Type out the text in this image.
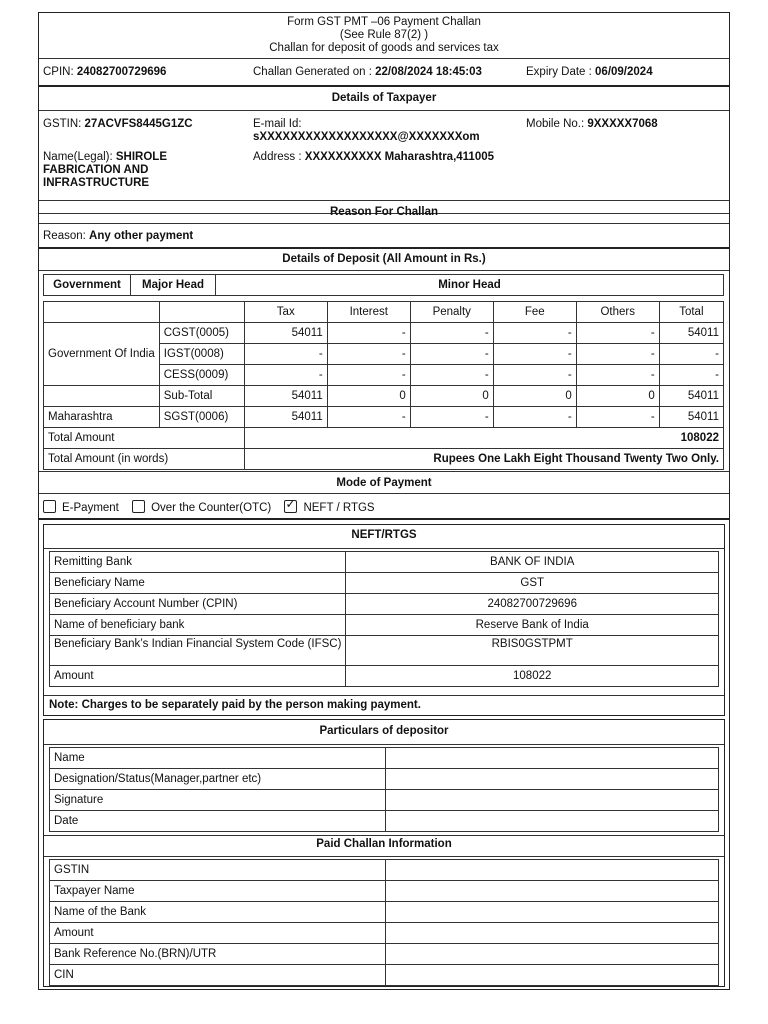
Form GST PMT –06 Payment Challan
(See Rule 87(2) )
Challan for deposit of goods and services tax
CPIN: 24082700729696	Challan Generated on : 22/08/2024 18:45:03	Expiry Date : 06/09/2024
Details of Taxpayer
GSTIN: 27ACVFS8445G1ZC	E-mail Id:
sXXXXXXXXXXXXXXXXXX@XXXXXXXom
Mobile No.: 9XXXXX7068
Name(Legal): SHIROLE
FABRICATION AND
INFRASTRUCTURE
Address : XXXXXXXXXX Maharashtra,411005
Reason For Challan
Reason: Any other payment
Details of Deposit (All Amount in Rs.)
Government	Major Head	Minor Head
		Tax	Interest	Penalty	Fee	Others	Total
Government Of India	CGST(0005)	54011	-	-	-	-	54011
	IGST(0008)	-	-	-	-	-	-
	CESS(0009)	-	-	-	-	-	-
	Sub-Total	54011	0	0	0	0	54011
Maharashtra	SGST(0006)	54011	-	-	-	-	54011
Total Amount		108022					
Total Amount (in words)		Rupees One Lakh Eight Thousand Twenty Two Only.					
Mode of Payment
E-Payment	Over the Counter(OTC) ✓	NEFT / RTGS
NEFT/RTGS
Remitting Bank	BANK OF INDIA
Beneficiary Name	GST
Beneficiary Account Number (CPIN)	24082700729696
Name of beneficiary bank	Reserve Bank of India
Beneficiary Bank’s Indian Financial System Code (IFSC)	RBIS0GSTPMT
Amount	108022
Note: Charges to be separately paid by the person making payment.
Particulars of depositor
Name	
Designation/Status(Manager,partner etc)	
Signature	
Date	
Paid Challan Information
GSTIN	
Taxpayer Name	
Name of the Bank	
Amount	
Bank Reference No.(BRN)/UTR	
CIN	
